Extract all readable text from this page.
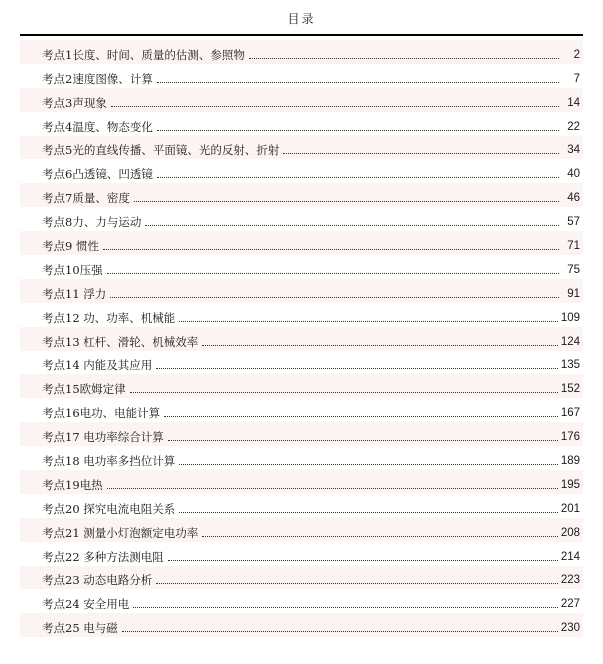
目录
考点1长度、时间、质量的估测、参照物	2
考点2速度图像、计算	7
考点3声现象	14
考点4温度、物态变化	22
考点5光的直线传播、平面镜、光的反射、折射	34
考点6凸透镜、凹透镜	40
考点7质量、密度	46
考点8力、力与运动	57
考点9 惯性	71
考点10压强	75
考点11 浮力	91
考点12 功、功率、机械能	109
考点13 杠杆、滑轮、机械效率	124
考点14 内能及其应用	135
考点15欧姆定律	152
考点16电功、电能计算	167
考点17 电功率综合计算	176
考点18 电功率多挡位计算	189
考点19电热	195
考点20 探究电流电阻关系	201
考点21 测量小灯泡额定电功率	208
考点22 多种方法测电阻	214
考点23 动态电路分析	223
考点24 安全用电	227
考点25 电与磁	230
